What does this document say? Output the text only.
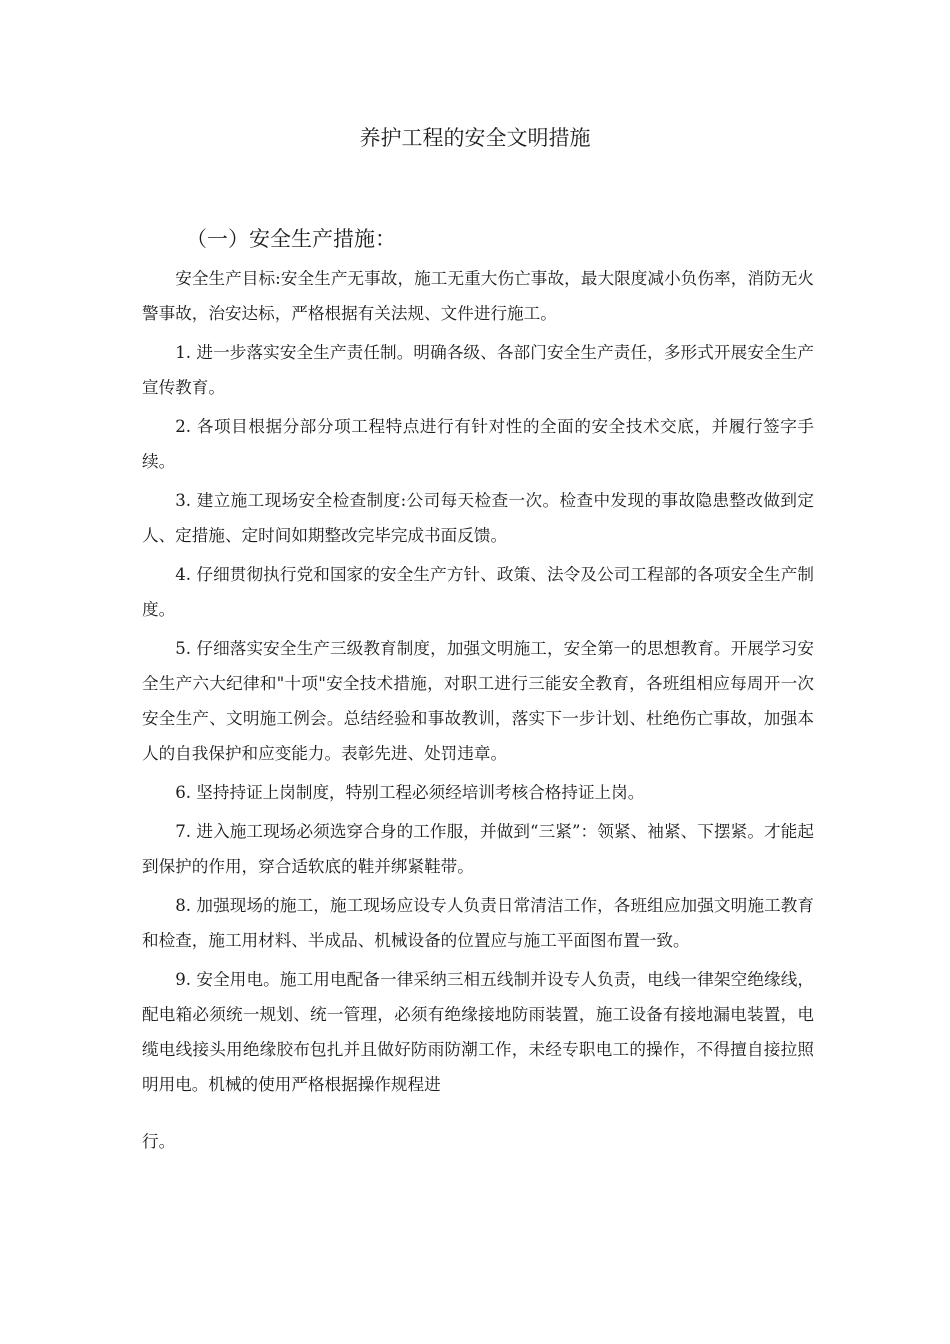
养护工程的安全文明措施
（一）安全生产措施：

安全生产目标:安全生产无事故，施工无重大伤亡事故，最大限度减小负伤率，消防无火警事故，治安达标，严格根据有关法规、文件进行施工。

1. 进一步落实安全生产责任制。明确各级、各部门安全生产责任，多形式开展安全生产宣传教育。

2. 各项目根据分部分项工程特点进行有针对性的全面的安全技术交底，并履行签字手续。

3. 建立施工现场安全检查制度:公司每天检查一次。检查中发现的事故隐患整改做到定人、定措施、定时间如期整改完毕完成书面反馈。

4. 仔细贯彻执行党和国家的安全生产方针、政策、法令及公司工程部的各项安全生产制度。

5. 仔细落实安全生产三级教育制度，加强文明施工，安全第一的思想教育。开展学习安全生产六大纪律和"十项"安全技术措施，对职工进行三能安全教育，各班组相应每周开一次安全生产、文明施工例会。总结经验和事故教训，落实下一步计划、杜绝伤亡事故，加强本人的自我保护和应变能力。表彰先进、处罚违章。

6. 坚持持证上岗制度，特别工程必须经培训考核合格持证上岗。

7. 进入施工现场必须选穿合身的工作服，并做到“三紧”：领紧、袖紧、下摆紧。才能起到保护的作用，穿合适软底的鞋并绑紧鞋带。

8. 加强现场的施工，施工现场应设专人负责日常清洁工作，各班组应加强文明施工教育和检查，施工用材料、半成品、机械设备的位置应与施工平面图布置一致。

9. 安全用电。施工用电配备一律采纳三相五线制并设专人负责，电线一律架空绝缘线，配电箱必须统一规划、统一管理，必须有绝缘接地防雨装置，施工设备有接地漏电装置，电缆电线接头用绝缘胶布包扎并且做好防雨防潮工作，未经专职电工的操作，不得擅自接拉照明用电。机械的使用严格根据操作规程进

行。
